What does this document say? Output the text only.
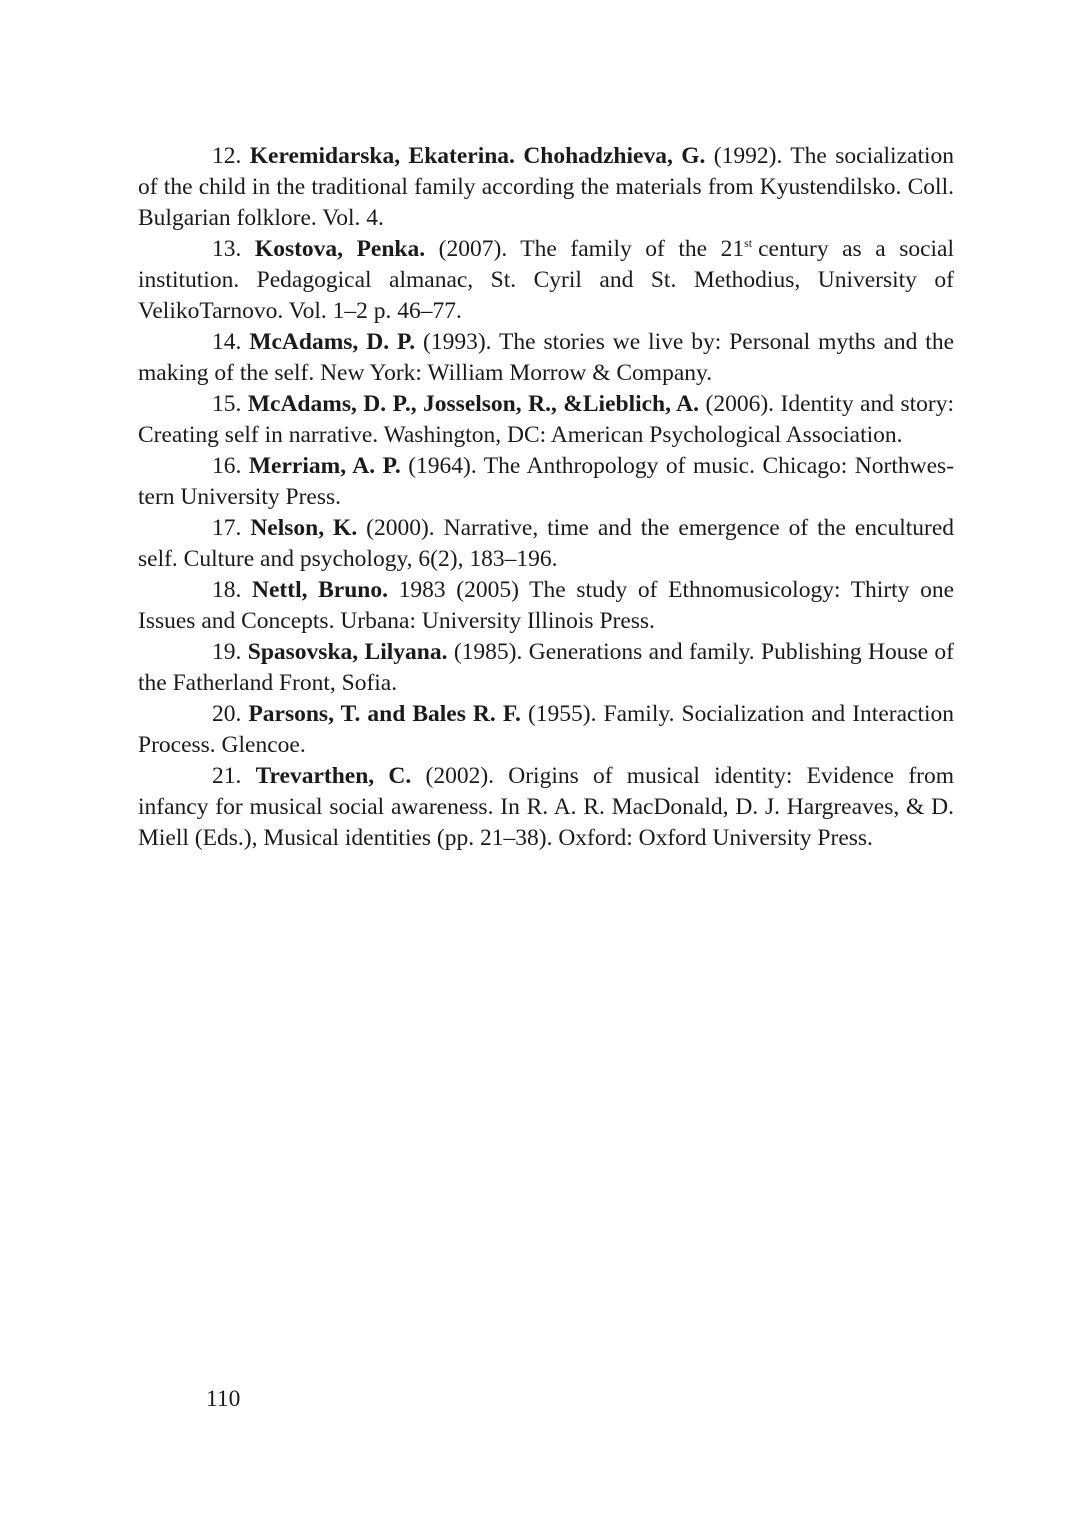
12. Keremidarska, Ekaterina. Chohadzhieva, G. (1992). The socialization of the child in the traditional family according the materials from Kyustendilsko. Coll. Bulgarian folklore. Vol. 4.

13. Kostova, Penka. (2007). The family of the 21st century as a social institution. Pedagogical almanac, St. Cyril and St. Methodius, University of VelikoTarnovo. Vol. 1–2 p. 46–77.

14. McAdams, D. P. (1993). The stories we live by: Personal myths and the making of the self. New York: William Morrow & Company.

15. McAdams, D. P., Josselson, R., &Lieblich, A. (2006). Identity and story: Creating self in narrative. Washington, DC: American Psychological Association.

16. Merriam, A. P. (1964). The Anthropology of music. Chicago: Northwestern University Press.

17. Nelson, K. (2000). Narrative, time and the emergence of the encultured self. Culture and psychology, 6(2), 183–196.

18. Nettl, Bruno. 1983 (2005) The study of Ethnomusicology: Thirty one Issues and Concepts. Urbana: University Illinois Press.

19. Spasovska, Lilyana. (1985). Generations and family. Publishing House of the Fatherland Front, Sofia.

20. Parsons, T. and Bales R. F. (1955). Family. Socialization and Interaction Process. Glencoe.

21. Trevarthen, C. (2002). Origins of musical identity: Evidence from infancy for musical social awareness. In R. A. R. MacDonald, D. J. Hargreaves, & D. Miell (Eds.), Musical identities (pp. 21–38). Oxford: Oxford University Press.

110
